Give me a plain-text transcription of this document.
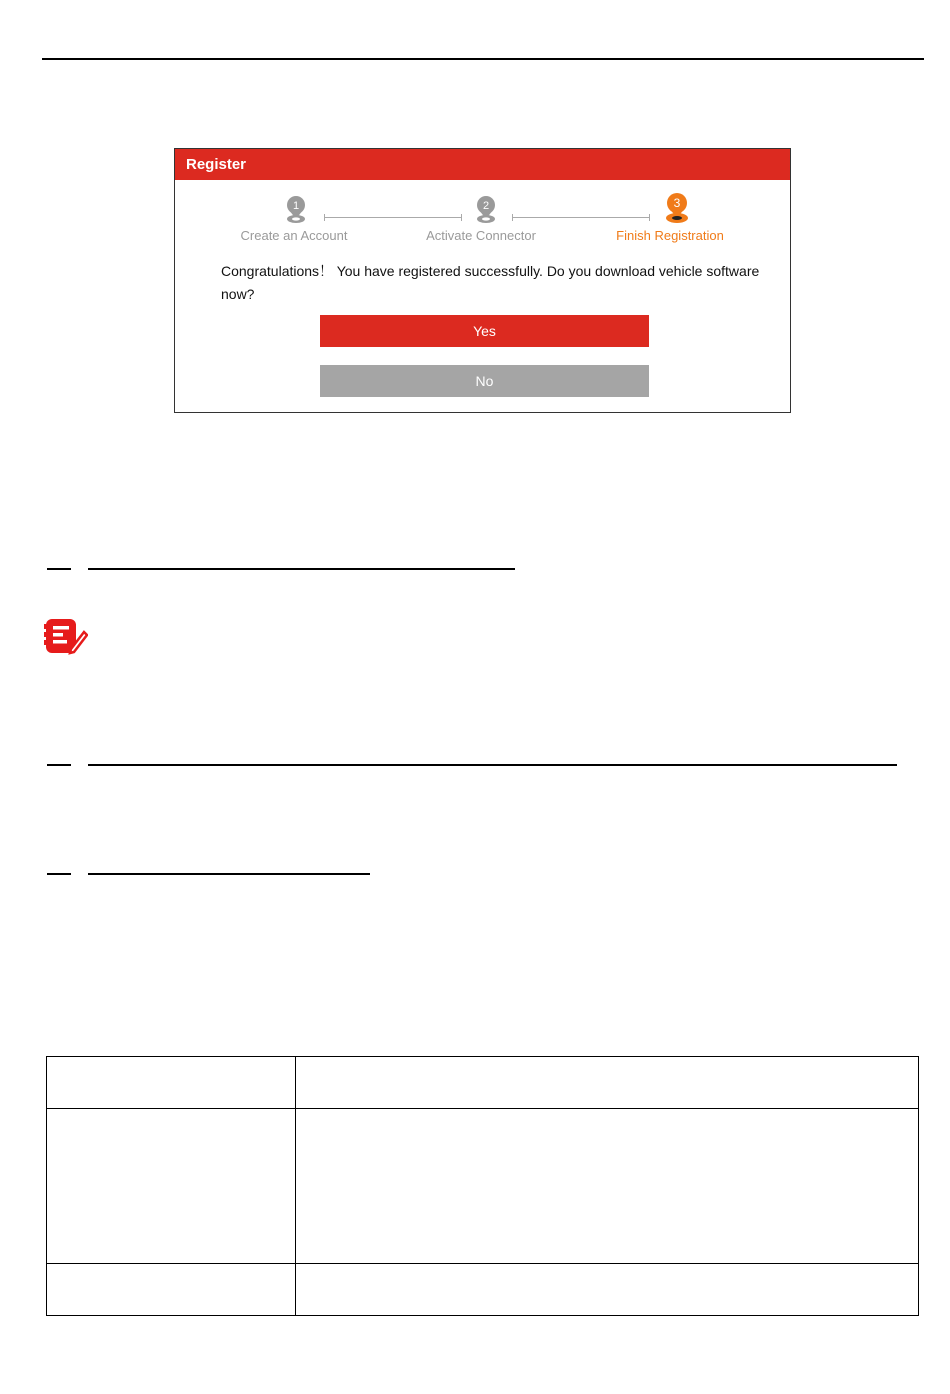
Register
1
Create an Account
2
Activate Connector
3
Finish Registration
Congratulations！ You have registered successfully. Do you download vehicle software now?
Yes
No
